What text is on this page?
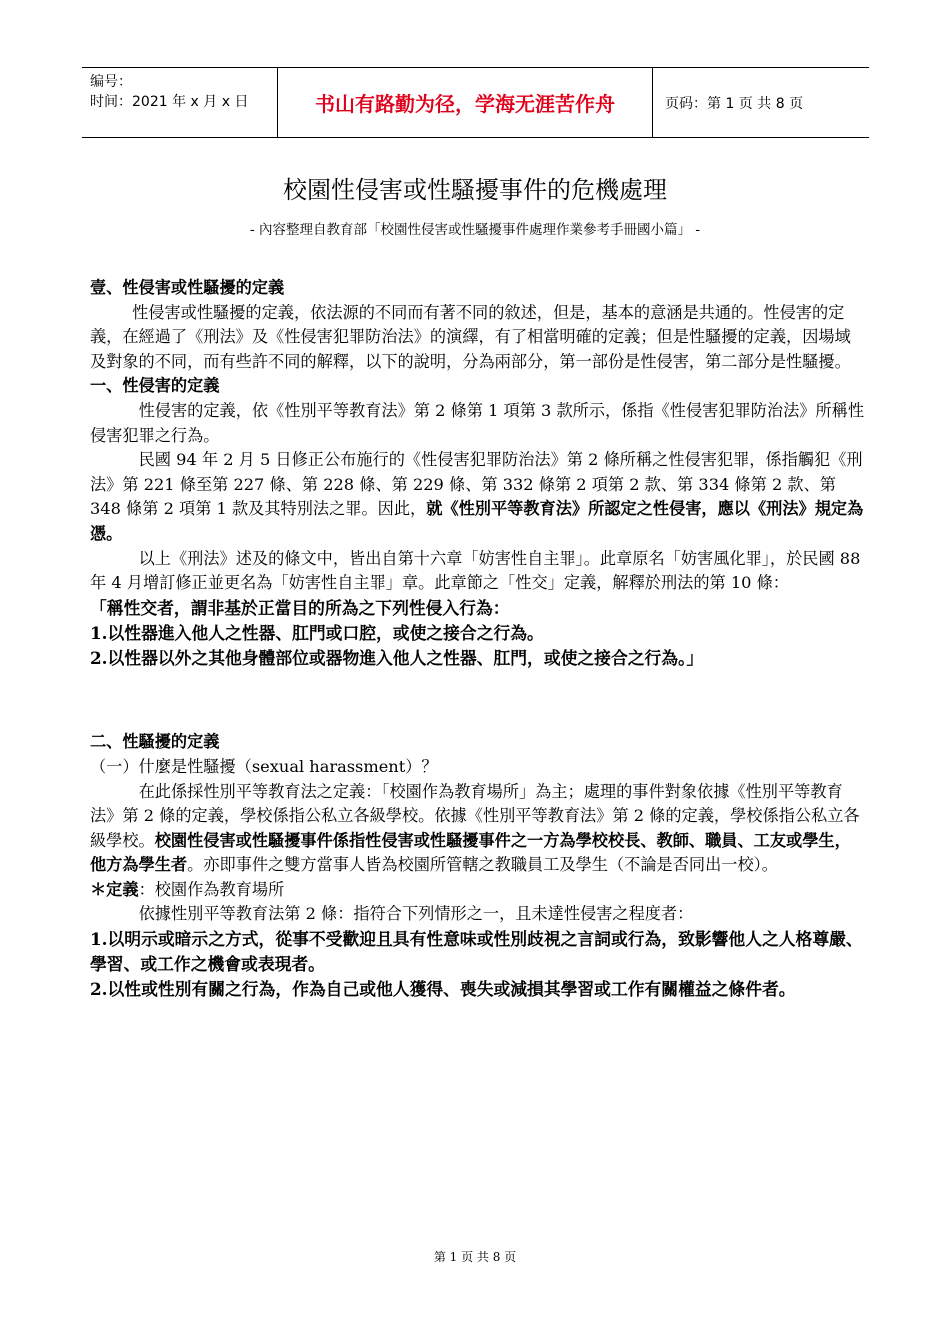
编号：
时间：2021 年 x 月 x 日	书山有路勤为径，学海无涯苦作舟	页码：第 1 页 共 8 页
校園性侵害或性騷擾事件的危機處理
- 內容整理自教育部「校園性侵害或性騷擾事件處理作業參考手冊國小篇」 -

壹、性侵害或性騷擾的定義

性侵害或性騷擾的定義，依法源的不同而有著不同的敘述，但是，基本的意涵是共通的。性侵害的定義，在經過了《刑法》及《性侵害犯罪防治法》的演繹，有了相當明確的定義；但是性騷擾的定義，因場域及對象的不同，而有些許不同的解釋，以下的說明，分為兩部分，第一部份是性侵害，第二部分是性騷擾。

一、性侵害的定義

性侵害的定義，依《性別平等教育法》第 2 條第 1 項第 3 款所示，係指《性侵害犯罪防治法》所稱性侵害犯罪之行為。

民國 94 年 2 月 5 日修正公布施行的《性侵害犯罪防治法》第 2 條所稱之性侵害犯罪，係指觸犯《刑法》第 221 條至第 227 條、第 228 條、第 229 條、第 332 條第 2 項第 2 款、第 334 條第 2 款、第 348 條第 2 項第 1 款及其特別法之罪。因此，就《性別平等教育法》所認定之性侵害，應以《刑法》規定為憑。

以上《刑法》述及的條文中，皆出自第十六章「妨害性自主罪」。此章原名「妨害風化罪」，於民國 88 年 4 月增訂修正並更名為「妨害性自主罪」章。此章節之「性交」定義，解釋於刑法的第 10 條：

「稱性交者，謂非基於正當目的所為之下列性侵入行為：

1.以性器進入他人之性器、肛門或口腔，或使之接合之行為。

2.以性器以外之其他身體部位或器物進入他人之性器、肛門，或使之接合之行為。」

二、性騷擾的定義

（一）什麼是性騷擾（sexual harassment）？

在此係採性別平等教育法之定義：「校園作為教育場所」為主；處理的事件對象依據《性別平等教育法》第 2 條的定義，學校係指公私立各級學校。依據《性別平等教育法》第 2 條的定義，學校係指公私立各級學校。校園性侵害或性騷擾事件係指性侵害或性騷擾事件之一方為學校校長、教師、職員、工友或學生，他方為學生者。亦即事件之雙方當事人皆為校園所管轄之教職員工及學生（不論是否同出一校）。

＊定義：校園作為教育場所

依據性別平等教育法第 2 條：指符合下列情形之一，且未達性侵害之程度者：

1.以明示或暗示之方式，從事不受歡迎且具有性意味或性別歧視之言詞或行為，致影響他人之人格尊嚴、學習、或工作之機會或表現者。

2.以性或性別有關之行為，作為自己或他人獲得、喪失或減損其學習或工作有關權益之條件者。

第 1 页 共 8 页
